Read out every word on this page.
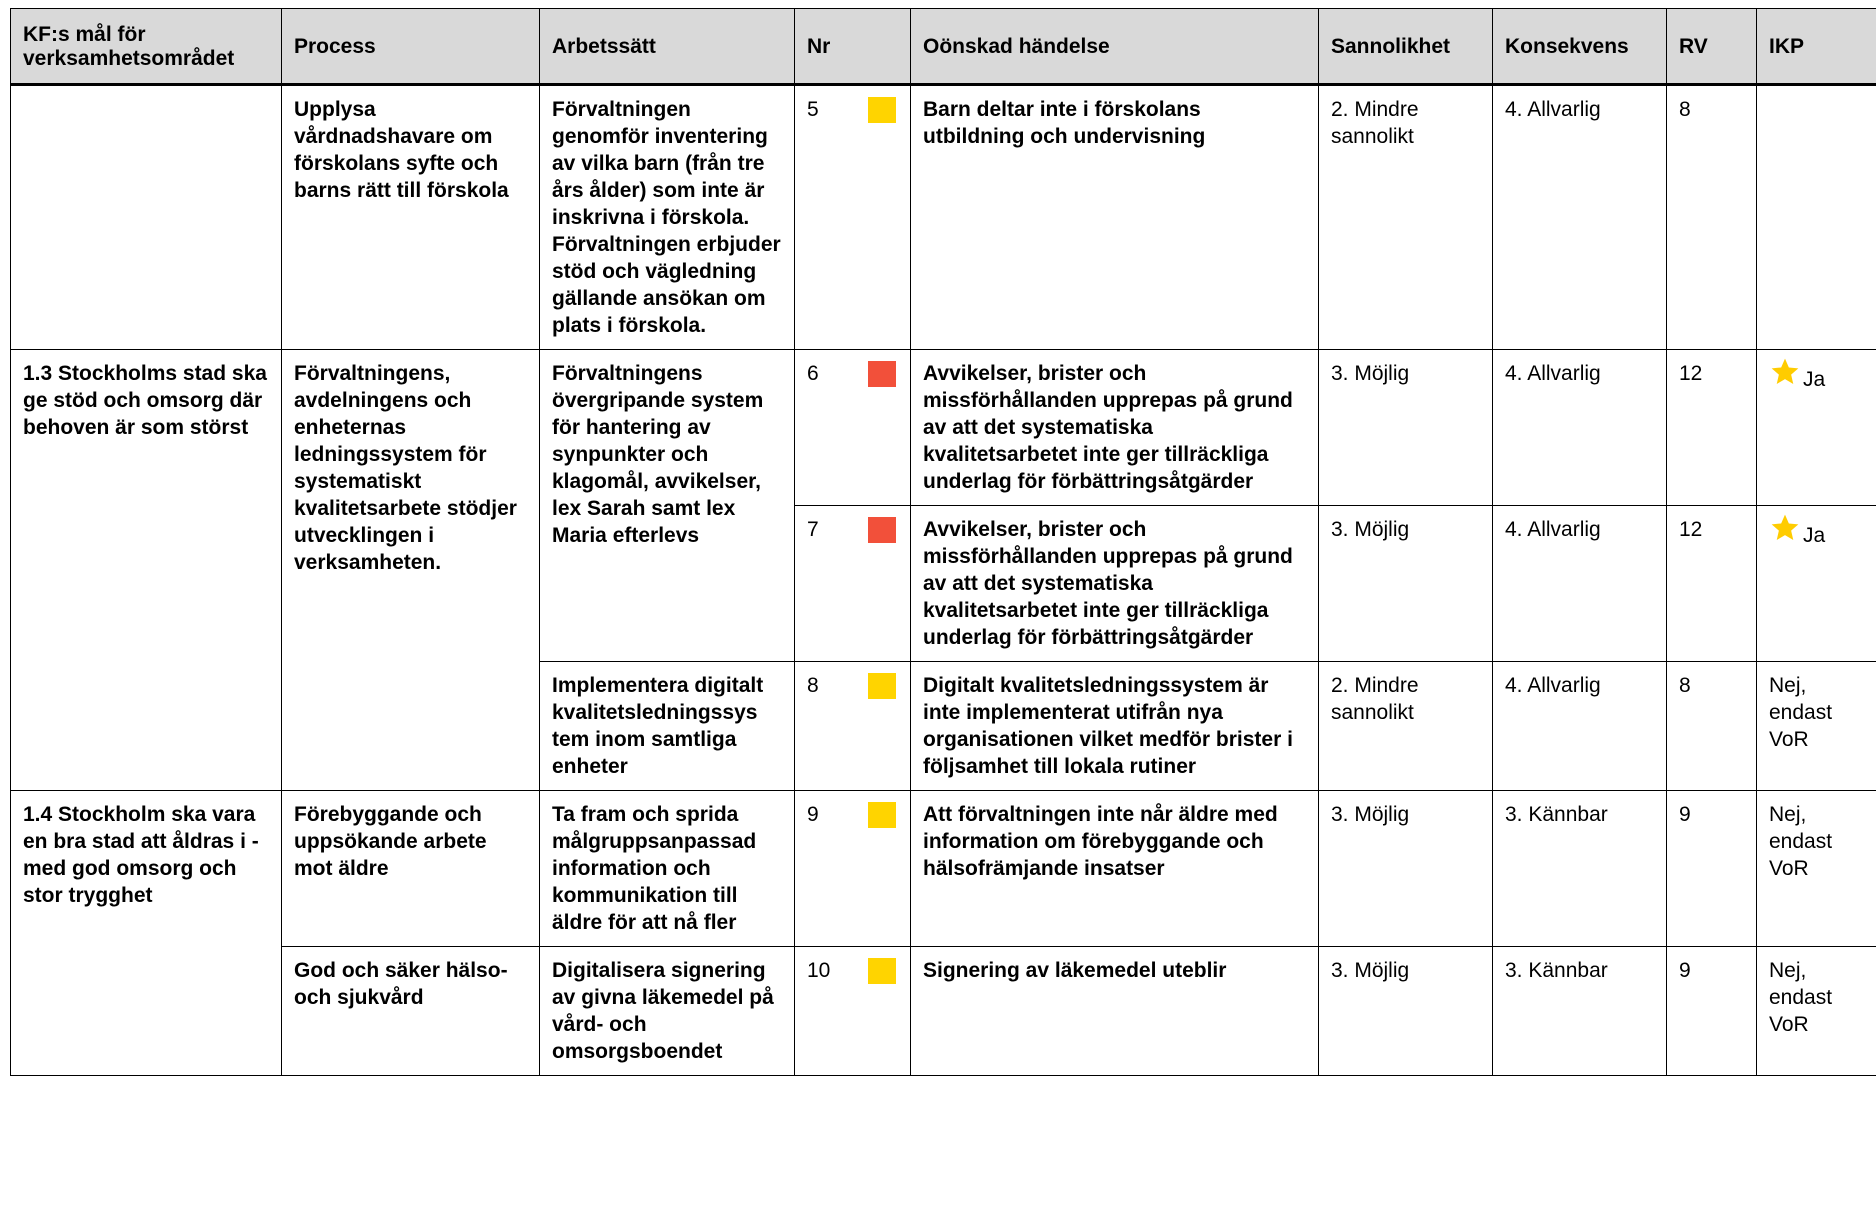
KF:s mål för verksamhetsområdet	Process	Arbetssätt	Nr		Oönskad händelse	Sannolikhet	Konsekvens	RV	IKP
	Upplysa vårdnadshavare om förskolans syfte och barns rätt till förskola	Förvaltningen genomför inventering av vilka barn (från tre års ålder) som inte är inskrivna i förskola. Förvaltningen erbjuder stöd och vägledning gällande ansökan om plats i förskola.	5		Barn deltar inte i förskolans utbildning och undervisning	2. Mindre sannolikt	4. Allvarlig	8	
1.3 Stockholms stad ska ge stöd och omsorg där behoven är som störst	Förvaltningens, avdelningens och enheternas ledningssystem för systematiskt kvalitetsarbete stödjer utvecklingen i verksamheten.	Förvaltningens övergripande system för hantering av synpunkter och klagomål, avvikelser, lex Sarah samt lex Maria efterlevs	6		Avvikelser, brister och missförhållanden upprepas på grund av att det systematiska kvalitetsarbetet inte ger tillräckliga underlag för förbättringsåtgärder	3. Möjlig	4. Allvarlig	12	Ja

			7		Avvikelser, brister och missförhållanden upprepas på grund av att det systematiska kvalitetsarbetet inte ger tillräckliga underlag för förbättringsåtgärder	3. Möjlig	4. Allvarlig	12	Ja

		Implementera digitalt kvalitetsledningssys tem inom samtliga enheter	8		Digitalt kvalitetsledningssystem är inte implementerat utifrån nya organisationen vilket medför brister i följsamhet till lokala rutiner	2. Mindre sannolikt	4. Allvarlig	8	Nej, endast VoR
1.4 Stockholm ska vara en bra stad att åldras i - med god omsorg och stor trygghet	Förebyggande och uppsökande arbete mot äldre	Ta fram och sprida målgruppsanpassad information och kommunikation till äldre för att nå fler	9		Att förvaltningen inte når äldre med information om förebyggande och hälsofrämjande insatser	3. Möjlig	3. Kännbar	9	Nej, endast VoR
	God och säker hälso- och sjukvård	Digitalisera signering av givna läkemedel på vård- och omsorgsboendet	10		Signering av läkemedel uteblir	3. Möjlig	3. Kännbar	9	Nej, endast VoR
